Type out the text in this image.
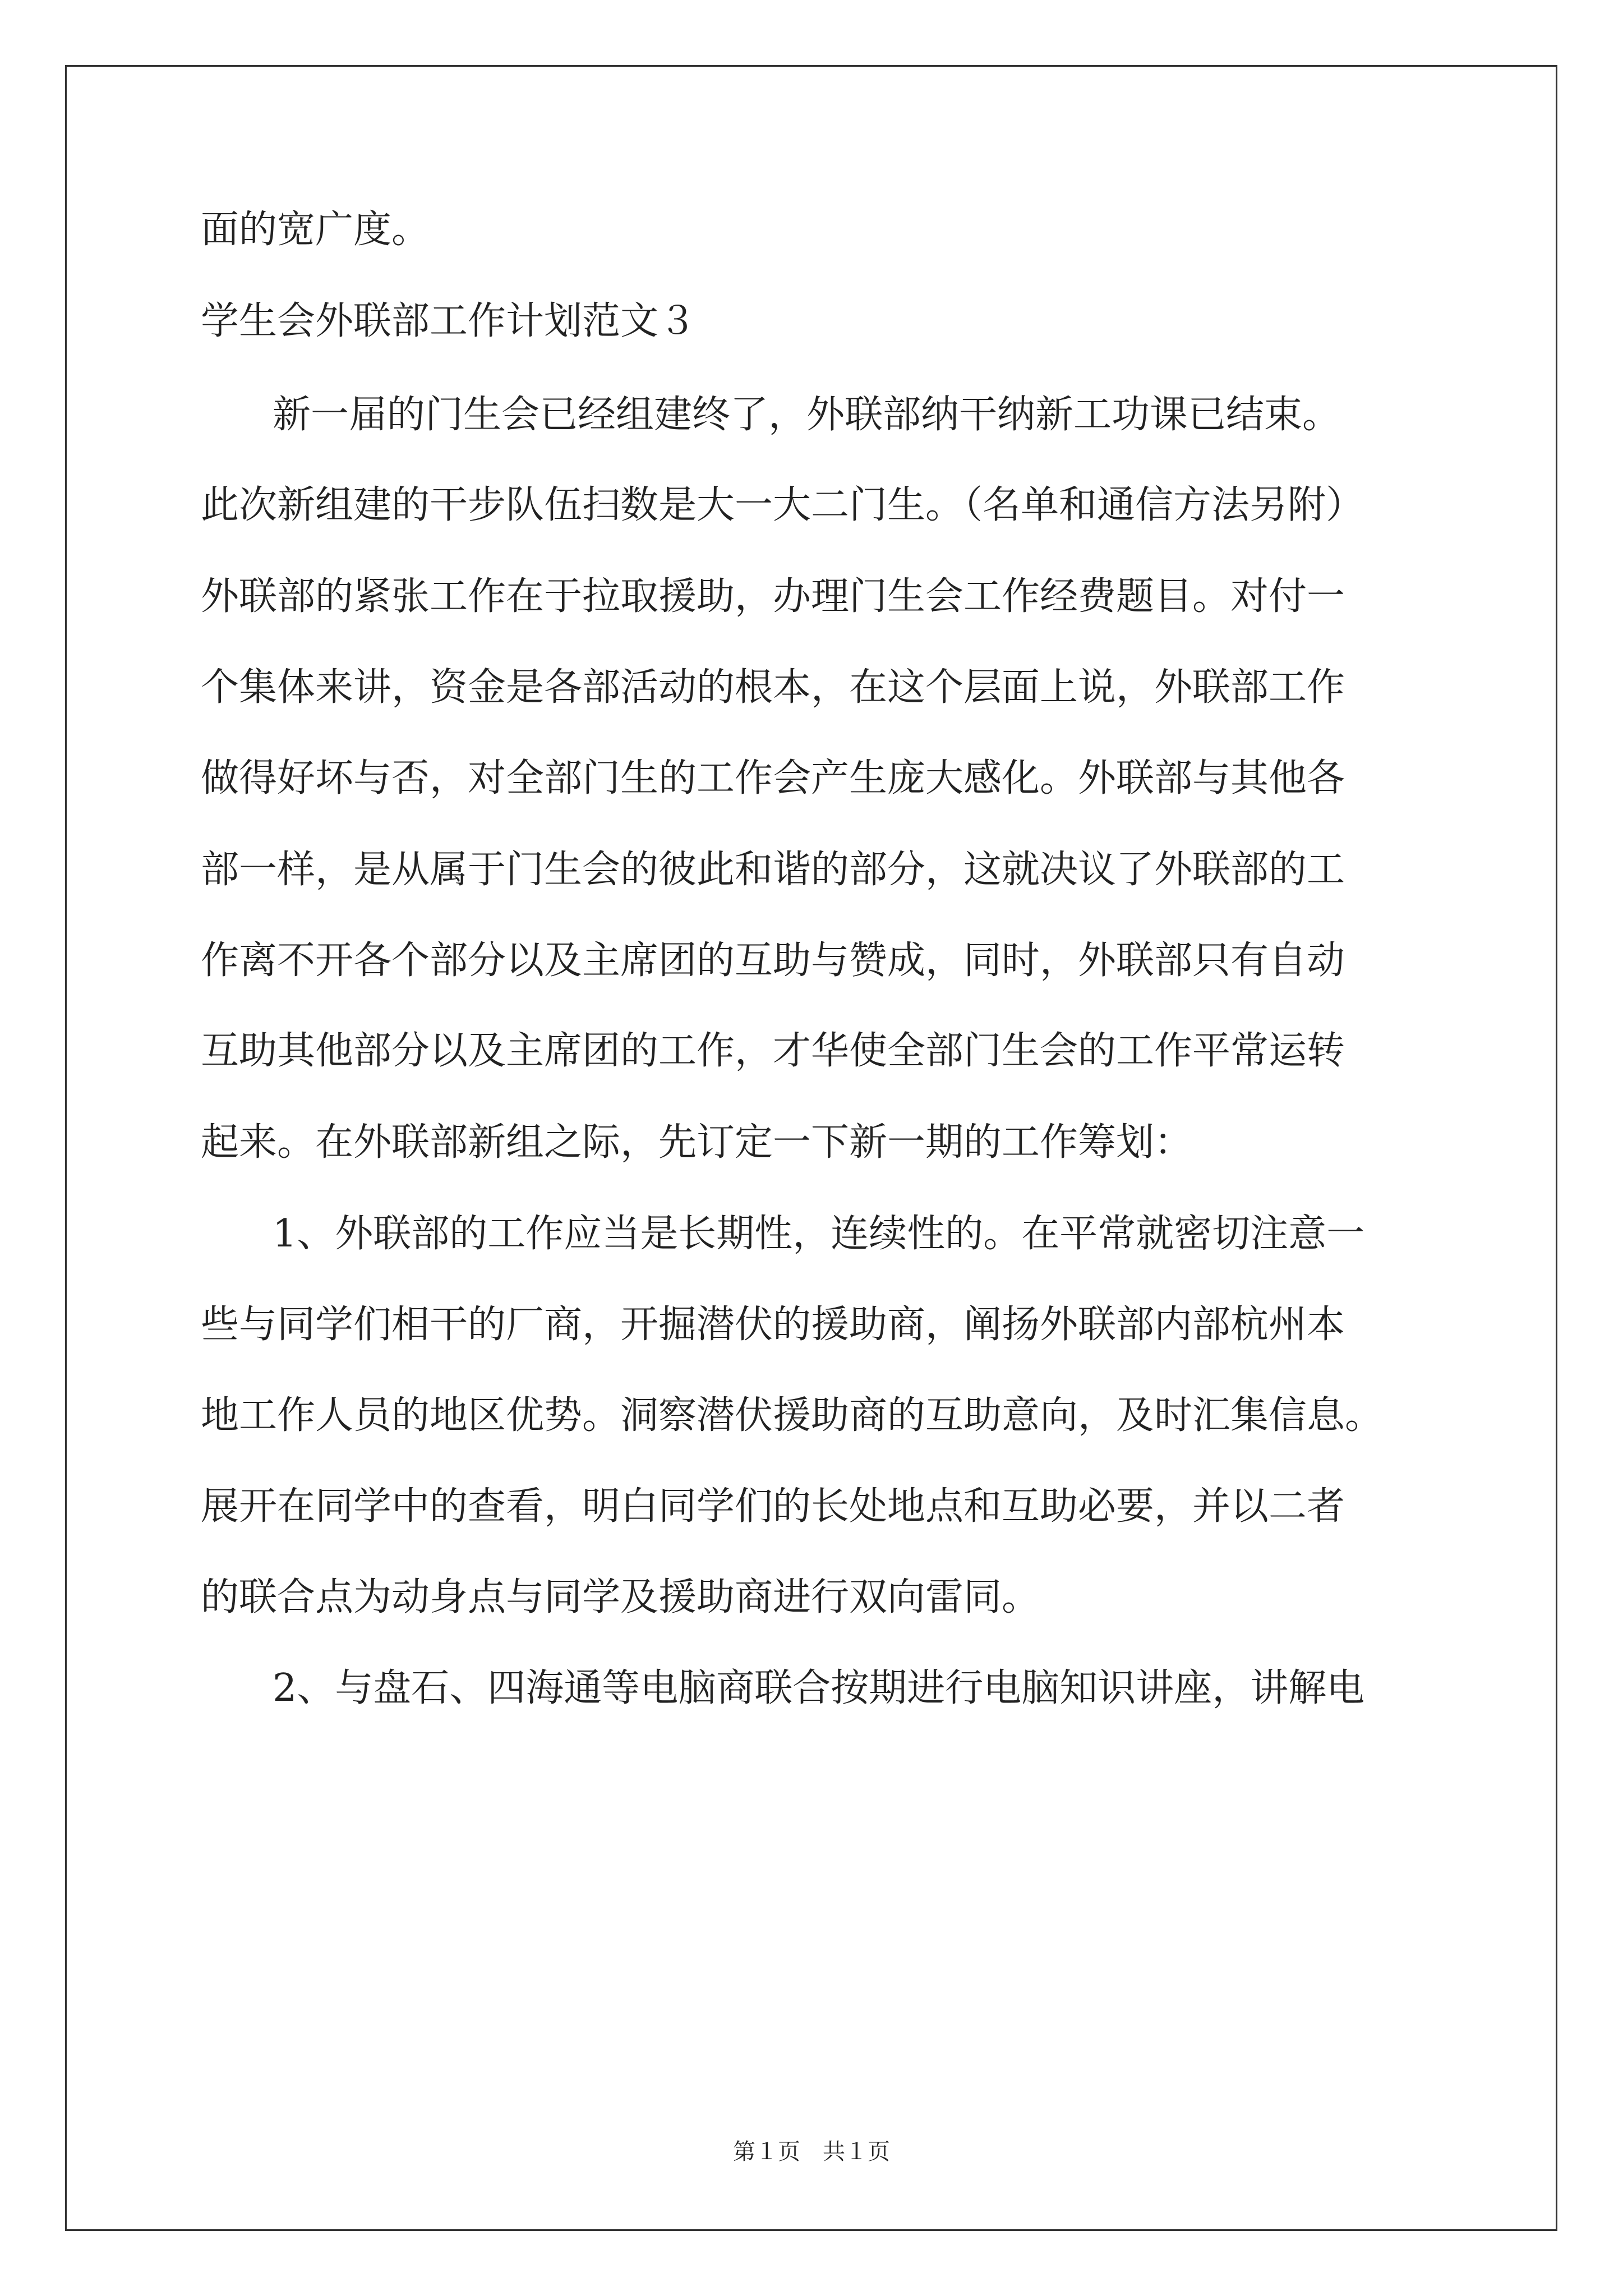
面的宽广度。
学生会外联部工作计划范文３
新一届的门生会已经组建终了，外联部纳干纳新工功课已结束。
此次新组建的干步队伍扫数是大一大二门生。（名单和通信方法另附）
外联部的紧张工作在于拉取援助，办理门生会工作经费题目。对付一
个集体来讲，资金是各部活动的根本，在这个层面上说，外联部工作
做得好坏与否，对全部门生的工作会产生庞大感化。外联部与其他各
部一样，是从属于门生会的彼此和谐的部分，这就决议了外联部的工
作离不开各个部分以及主席团的互助与赞成，同时，外联部只有自动
互助其他部分以及主席团的工作，才华使全部门生会的工作平常运转
起来。在外联部新组之际，先订定一下新一期的工作筹划：
1、外联部的工作应当是长期性，连续性的。在平常就密切注意一
些与同学们相干的厂商，开掘潜伏的援助商，阐扬外联部内部杭州本
地工作人员的地区优势。洞察潜伏援助商的互助意向，及时汇集信息。
展开在同学中的查看，明白同学们的长处地点和互助必要，并以二者
的联合点为动身点与同学及援助商进行双向雷同。
2、与盘石、四海通等电脑商联合按期进行电脑知识讲座，讲解电
第１页　共１页
